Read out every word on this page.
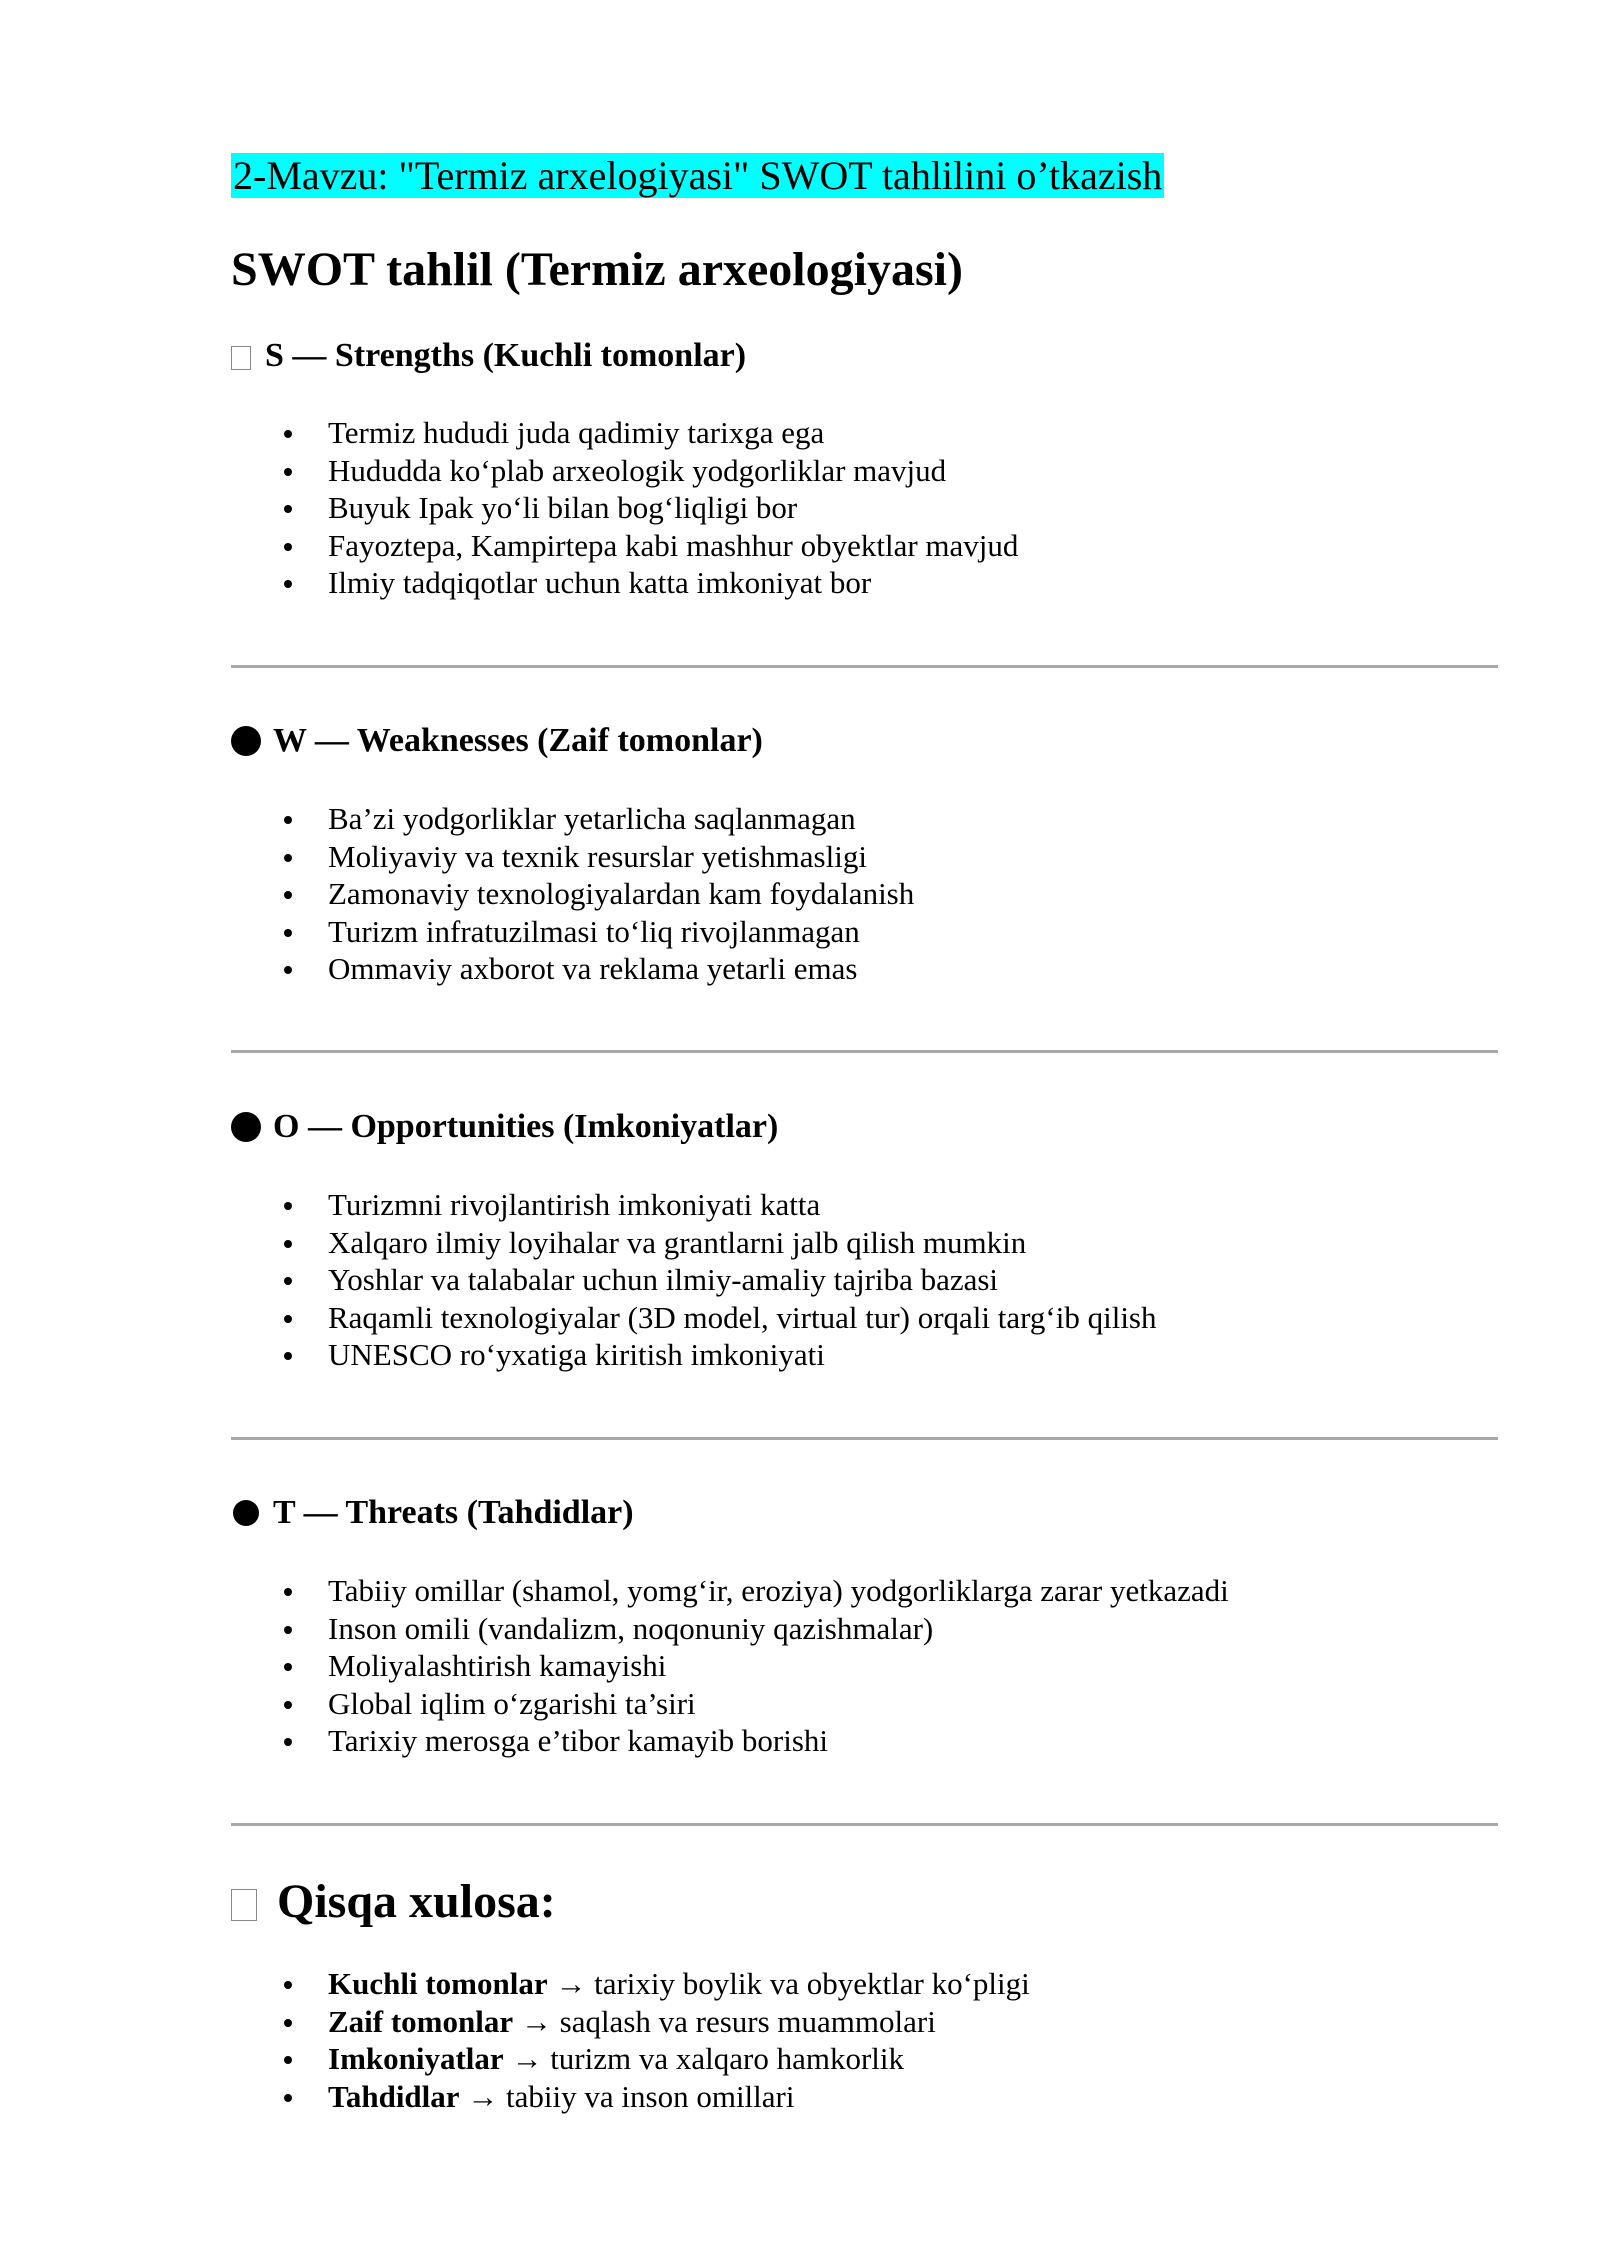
2-Mavzu: "Termiz arxelogiyasi" SWOT tahlilini o’tkazish
SWOT tahlil (Termiz arxeologiyasi)
S — Strengths (Kuchli tomonlar)
Termiz hududi juda qadimiy tarixga ega
Hududda ko‘plab arxeologik yodgorliklar mavjud
Buyuk Ipak yo‘li bilan bog‘liqligi bor
Fayoztepa, Kampirtepa kabi mashhur obyektlar mavjud
Ilmiy tadqiqotlar uchun katta imkoniyat bor
W — Weaknesses (Zaif tomonlar)
Ba’zi yodgorliklar yetarlicha saqlanmagan
Moliyaviy va texnik resurslar yetishmasligi
Zamonaviy texnologiyalardan kam foydalanish
Turizm infratuzilmasi to‘liq rivojlanmagan
Ommaviy axborot va reklama yetarli emas
O — Opportunities (Imkoniyatlar)
Turizmni rivojlantirish imkoniyati katta
Xalqaro ilmiy loyihalar va grantlarni jalb qilish mumkin
Yoshlar va talabalar uchun ilmiy-amaliy tajriba bazasi
Raqamli texnologiyalar (3D model, virtual tur) orqali targ‘ib qilish
UNESCO ro‘yxatiga kiritish imkoniyati
T — Threats (Tahdidlar)
Tabiiy omillar (shamol, yomg‘ir, eroziya) yodgorliklarga zarar yetkazadi
Inson omili (vandalizm, noqonuniy qazishmalar)
Moliyalashtirish kamayishi
Global iqlim o‘zgarishi ta’siri
Tarixiy merosga e’tibor kamayib borishi
Qisqa xulosa:
Kuchli tomonlar → tarixiy boylik va obyektlar ko‘pligi
Zaif tomonlar → saqlash va resurs muammolari
Imkoniyatlar → turizm va xalqaro hamkorlik
Tahdidlar → tabiiy va inson omillari
